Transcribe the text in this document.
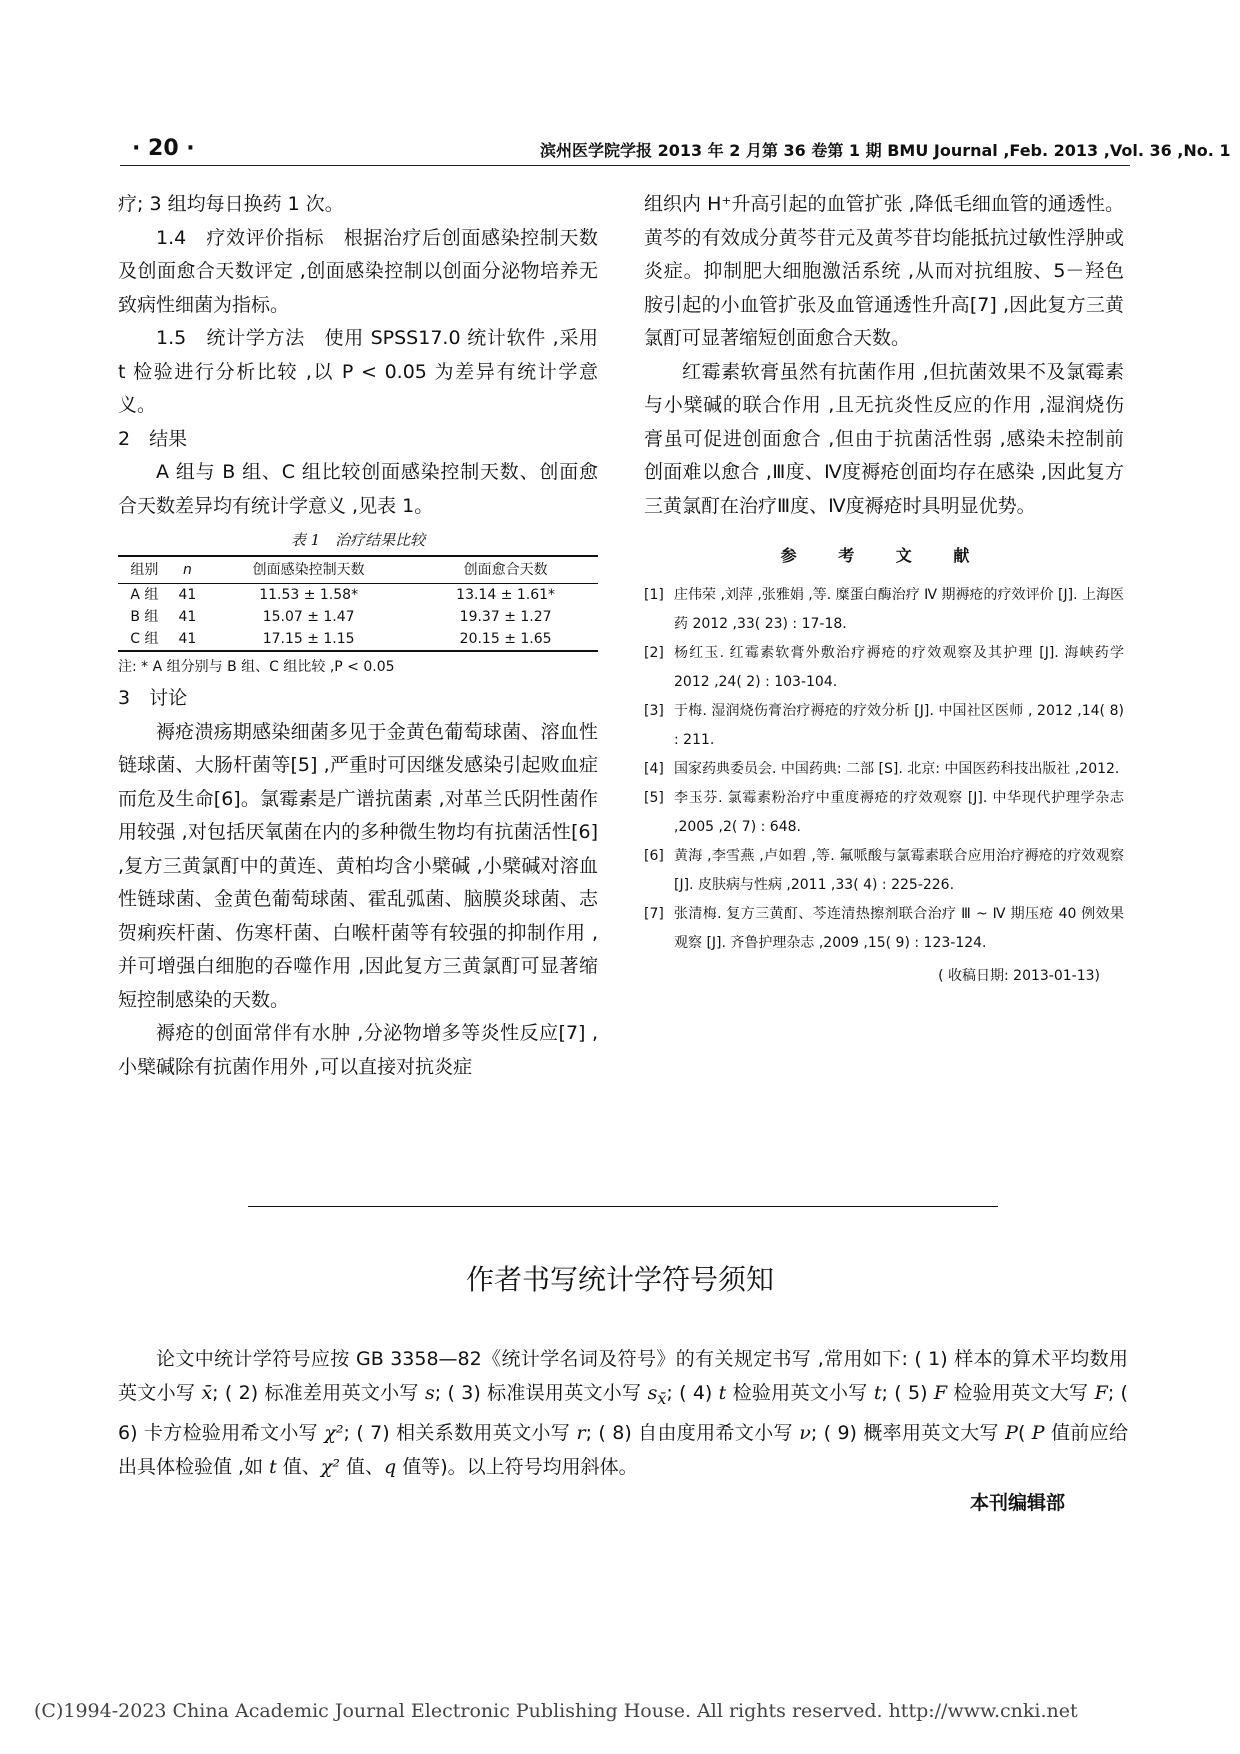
· 20 ·	滨州医学院学报 2013 年 2 月第 36 卷第 1 期 BMU Journal ,Feb. 2013 ,Vol. 36 ,No. 1

疗; 3 组均每日换药 1 次。

1.4　疗效评价指标　根据治疗后创面感染控制天数及创面愈合天数评定 ,创面感染控制以创面分泌物培养无致病性细菌为指标。

1.5　统计学方法　使用 SPSS17.0 统计软件 ,采用 t 检验进行分析比较 ,以 P < 0.05 为差异有统计学意义。

2　结果

A 组与 B 组、C 组比较创面感染控制天数、创面愈合天数差异均有统计学意义 ,见表 1。

表 1　治疗结果比较
组别	n	创面感染控制天数	创面愈合天数
A 组	41	11.53 ± 1.58*	13.14 ± 1.61*
B 组	41	15.07 ± 1.47	19.37 ± 1.27
C 组	41	17.15 ± 1.15	20.15 ± 1.65

注: * A 组分别与 B 组、C 组比较 ,P < 0.05

3　讨论

褥疮溃疡期感染细菌多见于金黄色葡萄球菌、溶血性链球菌、大肠杆菌等[5] ,严重时可因继发感染引起败血症而危及生命[6]。氯霉素是广谱抗菌素 ,对革兰氏阴性菌作用较强 ,对包括厌氧菌在内的多种微生物均有抗菌活性[6] ,复方三黄氯酊中的黄连、黄柏均含小檗碱 ,小檗碱对溶血性链球菌、金黄色葡萄球菌、霍乱弧菌、脑膜炎球菌、志贺痢疾杆菌、伤寒杆菌、白喉杆菌等有较强的抑制作用 ,并可增强白细胞的吞噬作用 ,因此复方三黄氯酊可显著缩短控制感染的天数。

褥疮的创面常伴有水肿 ,分泌物增多等炎性反应[7] ,小檗碱除有抗菌作用外 ,可以直接对抗炎症

组织内 H⁺升高引起的血管扩张 ,降低毛细血管的通透性。黄芩的有效成分黄芩苷元及黄芩苷均能抵抗过敏性浮肿或炎症。抑制肥大细胞激活系统 ,从而对抗组胺、5－羟色胺引起的小血管扩张及血管通透性升高[7] ,因此复方三黄氯酊可显著缩短创面愈合天数。

红霉素软膏虽然有抗菌作用 ,但抗菌效果不及氯霉素与小檗碱的联合作用 ,且无抗炎性反应的作用 ,湿润烧伤膏虽可促进创面愈合 ,但由于抗菌活性弱 ,感染未控制前创面难以愈合 ,Ⅲ度、Ⅳ度褥疮创面均存在感染 ,因此复方三黄氯酊在治疗Ⅲ度、Ⅳ度褥疮时具明显优势。

参 考 文 献
[1] 庄伟荣 ,刘萍 ,张雅娟 ,等. 糜蛋白酶治疗 Ⅳ 期褥疮的疗效评价 [J]. 上海医药 2012 ,33( 23) : 17-18.
[2] 杨红玉. 红霉素软膏外敷治疗褥疮的疗效观察及其护理 [J]. 海峡药学 2012 ,24( 2) : 103-104.
[3] 于梅. 湿润烧伤膏治疗褥疮的疗效分析 [J]. 中国社区医师 , 2012 ,14( 8) : 211.
[4] 国家药典委员会. 中国药典: 二部 [S]. 北京: 中国医药科技出版社 ,2012.
[5] 李玉芬. 氯霉素粉治疗中重度褥疮的疗效观察 [J]. 中华现代护理学杂志 ,2005 ,2( 7) : 648.
[6] 黄海 ,李雪燕 ,卢如碧 ,等. 氟哌酸与氯霉素联合应用治疗褥疮的疗效观察 [J]. 皮肤病与性病 ,2011 ,33( 4) : 225-226.
[7] 张清梅. 复方三黄酊、芩连清热擦剂联合治疗 Ⅲ ~ Ⅳ 期压疮 40 例效果观察 [J]. 齐鲁护理杂志 ,2009 ,15( 9) : 123-124.
( 收稿日期: 2013-01-13)
作者书写统计学符号须知
论文中统计学符号应按 GB 3358—82《统计学名词及符号》的有关规定书写 ,常用如下: ( 1) 样本的算术平均数用英文小写 x̄; ( 2) 标准差用英文小写 s; ( 3) 标准误用英文小写 $s_{x̄}$; ( 4) t 检验用英文小写 t; ( 5) F 检验用英文大写 F; ( 6) 卡方检验用希文小写 χ²; ( 7) 相关系数用英文小写 r; ( 8) 自由度用希文小写 ν; ( 9) 概率用英文大写 P( P 值前应给出具体检验值 ,如 t 值、χ² 值、q 值等)。以上符号均用斜体。
本刊编辑部
(C)1994-2023 China Academic Journal Electronic Publishing House. All rights reserved. http://www.cnki.net
